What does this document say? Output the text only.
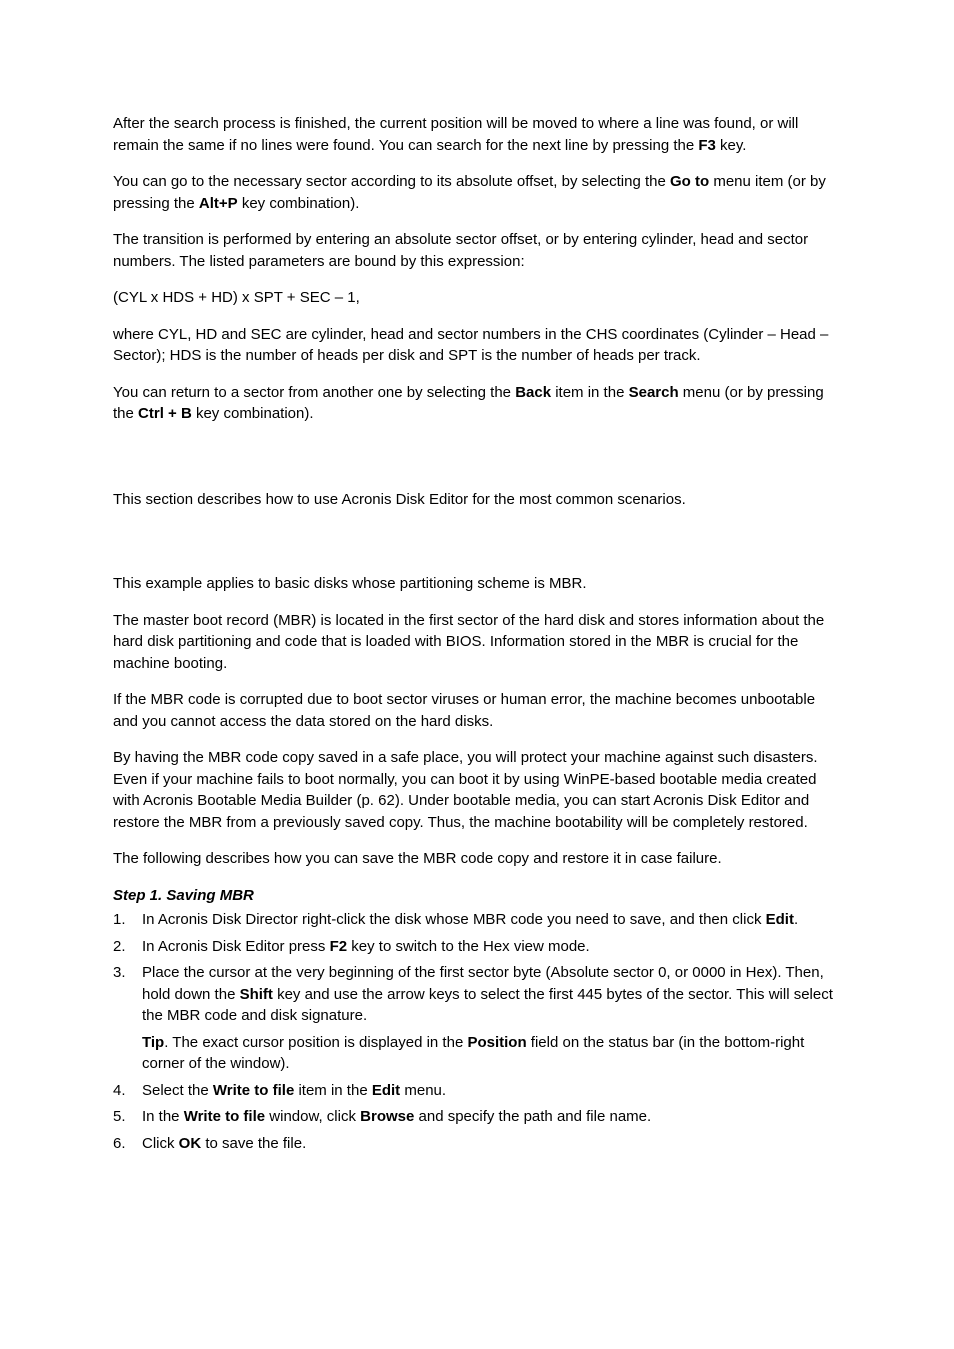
After the search process is finished, the current position will be moved to where a line was found, or will remain the same if no lines were found. You can search for the next line by pressing the F3 key.

You can go to the necessary sector according to its absolute offset, by selecting the Go to menu item (or by pressing the Alt+P key combination).

The transition is performed by entering an absolute sector offset, or by entering cylinder, head and sector numbers. The listed parameters are bound by this expression:

(CYL x HDS + HD) x SPT + SEC – 1,

where CYL, HD and SEC are cylinder, head and sector numbers in the CHS coordinates (Cylinder – Head – Sector); HDS is the number of heads per disk and SPT is the number of heads per track.

You can return to a sector from another one by selecting the Back item in the Search menu (or by pressing the Ctrl + B key combination).

This section describes how to use Acronis Disk Editor for the most common scenarios.

This example applies to basic disks whose partitioning scheme is MBR.

The master boot record (MBR) is located in the first sector of the hard disk and stores information about the hard disk partitioning and code that is loaded with BIOS. Information stored in the MBR is crucial for the machine booting.

If the MBR code is corrupted due to boot sector viruses or human error, the machine becomes unbootable and you cannot access the data stored on the hard disks.

By having the MBR code copy saved in a safe place, you will protect your machine against such disasters. Even if your machine fails to boot normally, you can boot it by using WinPE-based bootable media created with Acronis Bootable Media Builder (p. 62). Under bootable media, you can start Acronis Disk Editor and restore the MBR from a previously saved copy. Thus, the machine bootability will be completely restored.

The following describes how you can save the MBR code copy and restore it in case failure.

Step 1. Saving MBR
1. In Acronis Disk Director right-click the disk whose MBR code you need to save, and then click Edit.
2. In Acronis Disk Editor press F2 key to switch to the Hex view mode.
3. Place the cursor at the very beginning of the first sector byte (Absolute sector 0, or 0000 in Hex). Then, hold down the Shift key and use the arrow keys to select the first 445 bytes of the sector. This will select the MBR code and disk signature.
Tip. The exact cursor position is displayed in the Position field on the status bar (in the bottom-right corner of the window).
4. Select the Write to file item in the Edit menu.
5. In the Write to file window, click Browse and specify the path and file name.
6. Click OK to save the file.
